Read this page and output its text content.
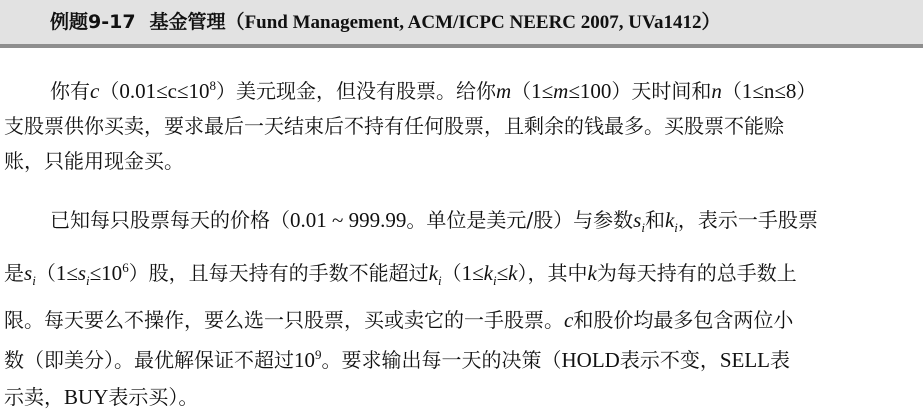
例题9-17 基金管理（Fund Management, ACM/ICPC NEERC 2007, UVa1412）
你有$c(0.01\le c\le 10^8)$美元现金，但没有股票。给你m（1≤m≤100）天时间和n（1≤n≤8）
支股票供你买卖，要求最后一天结束后不持有任何股票，且剩余的钱最多。买股票不能赊
账，只能用现金买。
已知每只股票每天的价格（0.01 ~ 999.99。单位是美元/股）与参数$s_i$和$k_i$，表示一手股票
是$s_i(1\le s_i\le 10^6)$股，且每天持有的手数不能超过$k_i(1\le k_i\le k)$，其中k为每天持有的总手数上
限。每天要么不操作，要么选一只股票，买或卖它的一手股票。c和股价均最多包含两位小
数（即美分）。最优解保证不超过$10^9$。要求输出每一天的决策（HOLD表示不变，SELL表
示卖，BUY表示买）。
